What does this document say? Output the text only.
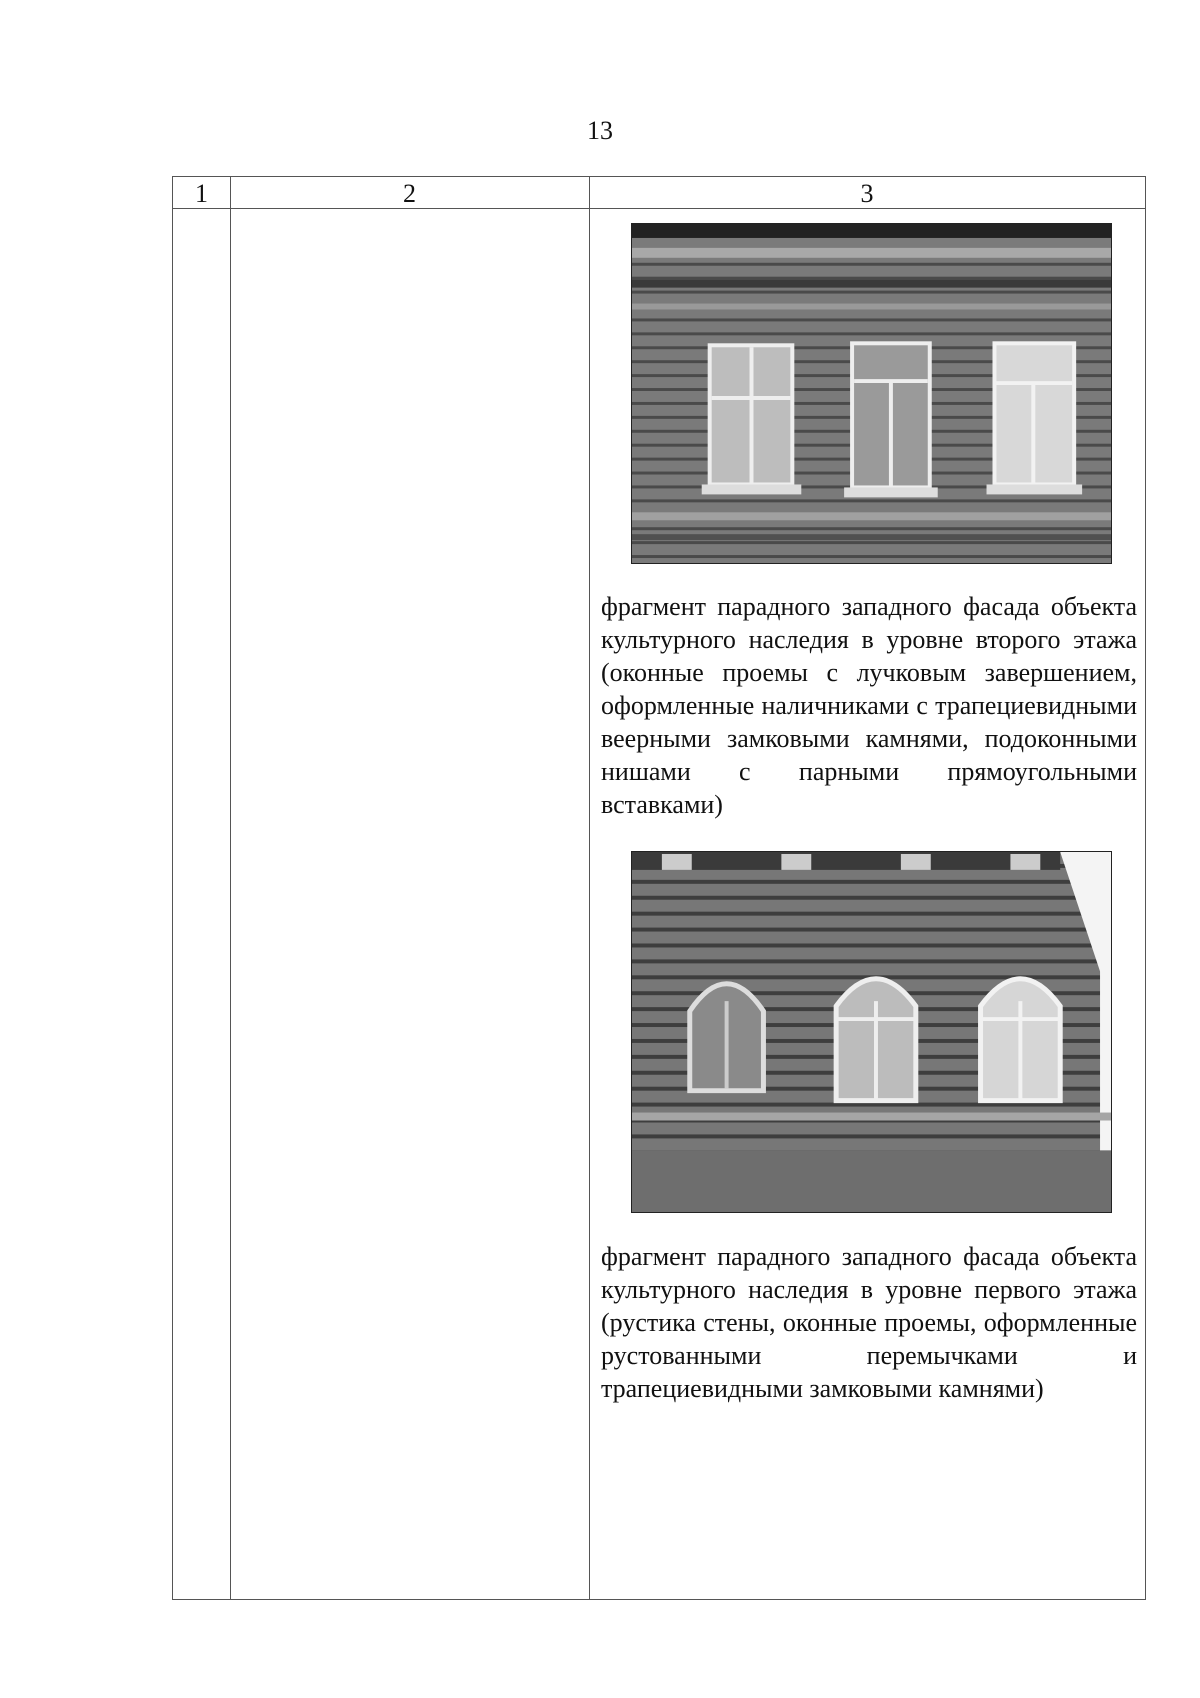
13
1	2	3
фрагмент парадного западного фасада объекта культурного наследия в уровне второго этажа (оконные проемы с лучковым завершением, оформленные наличниками с трапециевидными веерными замковыми камнями, подоконными нишами с парными прямоугольными вставками)
фрагмент парадного западного фасада объекта культурного наследия в уровне первого этажа (рустика стены, оконные проемы, оформленные рустованными перемычками и трапециевидными замковыми камнями)
